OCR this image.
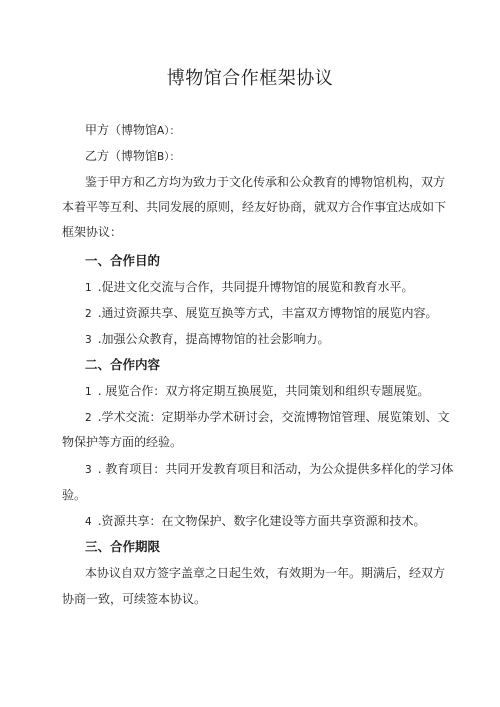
博物馆合作框架协议
甲方（博物馆A）：
乙方（博物馆B）：
鉴于甲方和乙方均为致力于文化传承和公众教育的博物馆机构，双方
本着平等互利、共同发展的原则，经友好协商，就双方合作事宜达成如下
框架协议：
一、合作目的
1 .促进文化交流与合作，共同提升博物馆的展览和教育水平。
2 .通过资源共享、展览互换等方式，丰富双方博物馆的展览内容。
3 .加强公众教育，提高博物馆的社会影响力。
二、合作内容
1 . 展览合作：双方将定期互换展览，共同策划和组织专题展览。
2 .学术交流：定期举办学术研讨会，交流博物馆管理、展览策划、文
物保护等方面的经验。
3 . 教育项目：共同开发教育项目和活动，为公众提供多样化的学习体
验。
4 .资源共享：在文物保护、数字化建设等方面共享资源和技术。
三、合作期限
本协议自双方签字盖章之日起生效，有效期为一年。期满后，经双方
协商一致，可续签本协议。
